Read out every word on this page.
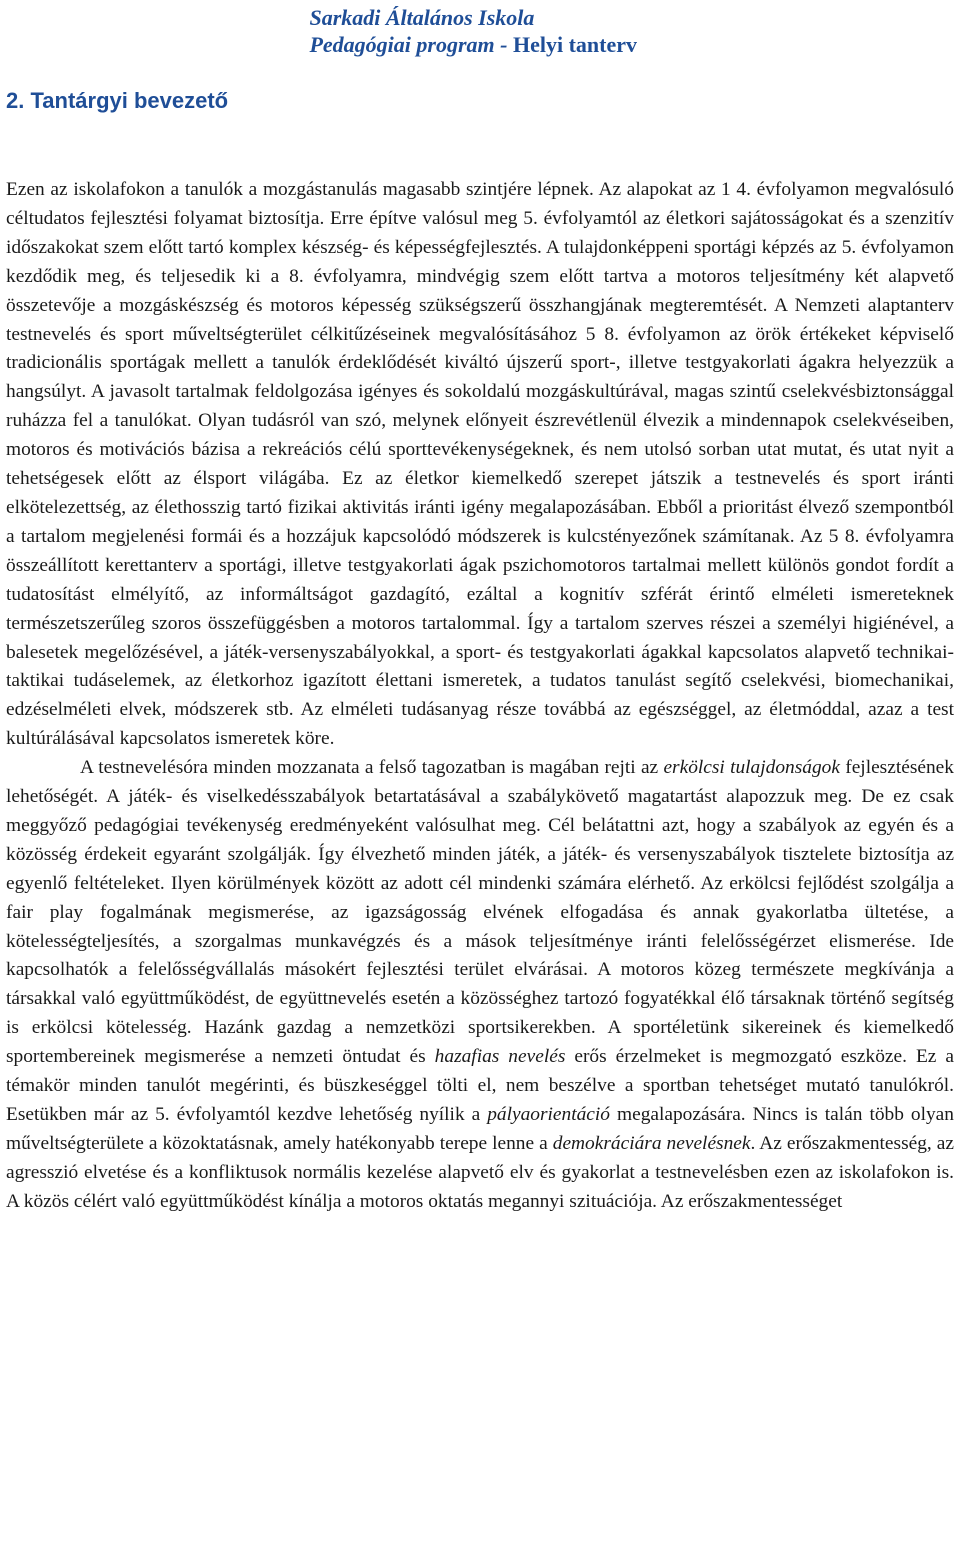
Sarkadi Általános Iskola
Pedagógiai program - Helyi tanterv
2. Tantárgyi bevezető

Ezen az iskolafokon a tanulók a mozgástanulás magasabb szintjére lépnek. Az alapokat az 1 4. évfolyamon megvalósuló céltudatos fejlesztési folyamat biztosítja. Erre építve valósul meg 5. évfolyamtól az életkori sajátosságokat és a szenzitív időszakokat szem előtt tartó komplex készség- és képességfejlesztés. A tulajdonképpeni sportági képzés az 5. évfolyamon kezdődik meg, és teljesedik ki a 8. évfolyamra, mindvégig szem előtt tartva a motoros teljesítmény két alapvető összetevője a mozgáskészség és motoros képesség szükségszerű összhangjának megteremtését. A Nemzeti alaptanterv testnevelés és sport műveltségterület célkitűzéseinek megvalósításához 5 8. évfolyamon az örök értékeket képviselő tradicionális sportágak mellett a tanulók érdeklődését kiváltó újszerű sport-, illetve testgyakorlati ágakra helyezzük a hangsúlyt. A javasolt tartalmak feldolgozása igényes és sokoldalú mozgáskultúrával, magas szintű cselekvésbiztonsággal ruházza fel a tanulókat. Olyan tudásról van szó, melynek előnyeit észrevétlenül élvezik a mindennapok cselekvéseiben, motoros és motivációs bázisa a rekreációs célú sporttevékenységeknek, és nem utolsó sorban utat mutat, és utat nyit a tehetségesek előtt az élsport világába. Ez az életkor kiemelkedő szerepet játszik a testnevelés és sport iránti elkötelezettség, az élethosszig tartó fizikai aktivitás iránti igény megalapozásában. Ebből a prioritást élvező szempontból a tartalom megjelenési formái és a hozzájuk kapcsolódó módszerek is kulcstényezőnek számítanak. Az 5 8. évfolyamra összeállított kerettanterv a sportági, illetve testgyakorlati ágak pszichomotoros tartalmai mellett különös gondot fordít a tudatosítást elmélyítő, az informáltságot gazdagító, ezáltal a kognitív szférát érintő elméleti ismereteknek természetszerűleg szoros összefüggésben a motoros tartalommal. Így a tartalom szerves részei a személyi higiénével, a balesetek megelőzésével, a játék-versenyszabályokkal, a sport- és testgyakorlati ágakkal kapcsolatos alapvető technikai-taktikai tudáselemek, az életkorhoz igazított élettani ismeretek, a tudatos tanulást segítő cselekvési, biomechanikai, edzéselméleti elvek, módszerek stb. Az elméleti tudásanyag része továbbá az egészséggel, az életmóddal, azaz a test kultúrálásával kapcsolatos ismeretek köre.

A testnevelésóra minden mozzanata a felső tagozatban is magában rejti az erkölcsi tulajdonságok fejlesztésének lehetőségét. A játék- és viselkedésszabályok betartatásával a szabálykövető magatartást alapozzuk meg. De ez csak meggyőző pedagógiai tevékenység eredményeként valósulhat meg. Cél belátattni azt, hogy a szabályok az egyén és a közösség érdekeit egyaránt szolgálják. Így élvezhető minden játék, a játék- és versenyszabályok tisztelete biztosítja az egyenlő feltételeket. Ilyen körülmények között az adott cél mindenki számára elérhető. Az erkölcsi fejlődést szolgálja a fair play fogalmának megismerése, az igazságosság elvének elfogadása és annak gyakorlatba ültetése, a kötelességteljesítés, a szorgalmas munkavégzés és a mások teljesítménye iránti felelősségérzet elismerése. Ide kapcsolhatók a felelősségvállalás másokért fejlesztési terület elvárásai. A motoros közeg természete megkívánja a társakkal való együttműködést, de együttnevelés esetén a közösséghez tartozó fogyatékkal élő társaknak történő segítség is erkölcsi kötelesség. Hazánk gazdag a nemzetközi sportsikerekben. A sportéletünk sikereinek és kiemelkedő sportembereinek megismerése a nemzeti öntudat és hazafias nevelés erős érzelmeket is megmozgató eszköze. Ez a témakör minden tanulót megérinti, és büszkeséggel tölti el, nem beszélve a sportban tehetséget mutató tanulókról. Esetükben már az 5. évfolyamtól kezdve lehetőség nyílik a pályaorientáció megalapozására. Nincs is talán több olyan műveltségterülete a közoktatásnak, amely hatékonyabb terepe lenne a demokráciára nevelésnek. Az erőszakmentesség, az agresszió elvetése és a konfliktusok normális kezelése alapvető elv és gyakorlat a testnevelésben ezen az iskolafokon is. A közös célért való együttműködést kínálja a motoros oktatás megannyi szituációja. Az erőszakmentességet
